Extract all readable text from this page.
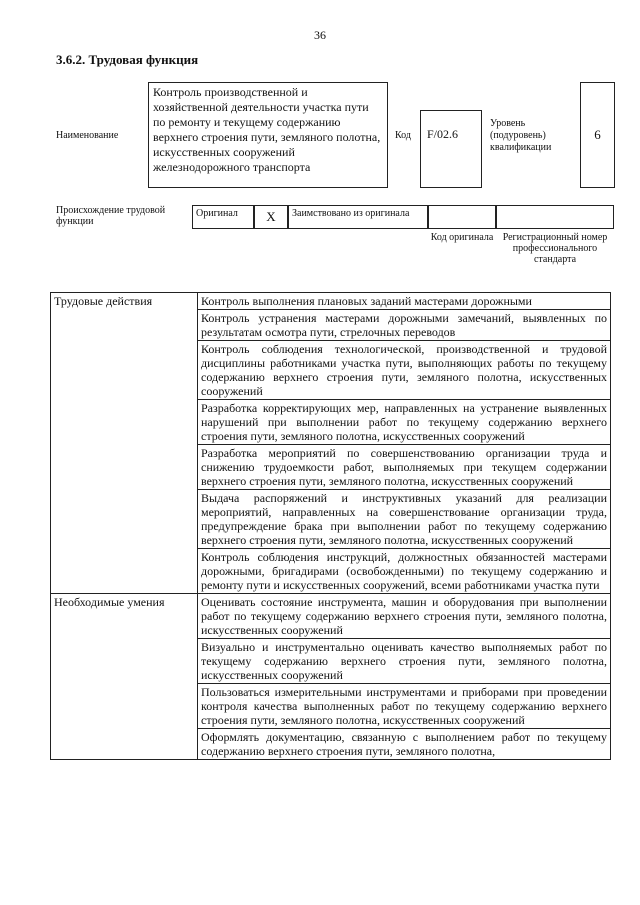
36
3.6.2. Трудовая функция
Наименование
Контроль производственной и хозяйственной деятельности участка пути по ремонту и текущему содержанию верхнего строения пути, земляного полотна, искусственных сооружений железнодорожного транспорта
Код	F/02.6
Уровень (подуровень) квалификации
6
Происхождение трудовой функции
Оригинал	X	Заимствовано из оригинала
Код оригинала Регистрационный номер профессионального стандарта
Трудовые действия	Контроль выполнения плановых заданий мастерами дорожными
	Контроль устранения мастерами дорожными замечаний, выявленных по результатам осмотра пути, стрелочных переводов
	Контроль соблюдения технологической, производственной и трудовой дисциплины работниками участка пути, выполняющих работы по текущему содержанию верхнего строения пути, земляного полотна, искусственных сооружений
	Разработка корректирующих мер, направленных на устранение выявленных нарушений при выполнении работ по текущему содержанию верхнего строения пути, земляного полотна, искусственных сооружений
	Разработка мероприятий по совершенствованию организации труда и снижению трудоемкости работ, выполняемых при текущем содержании верхнего строения пути, земляного полотна, искусственных сооружений
	Выдача распоряжений и инструктивных указаний для реализации мероприятий, направленных на совершенствование организации труда, предупреждение брака при выполнении работ по текущему содержанию верхнего строения пути, земляного полотна, искусственных сооружений
	Контроль соблюдения инструкций, должностных обязанностей мастерами дорожными, бригадирами (освобожденными) по текущему содержанию и ремонту пути и искусственных сооружений, всеми работниками участка пути
Необходимые умения	Оценивать состояние инструмента, машин и оборудования при выполнении работ по текущему содержанию верхнего строения пути, земляного полотна, искусственных сооружений
	Визуально и инструментально оценивать качество выполняемых работ по текущему содержанию верхнего строения пути, земляного полотна, искусственных сооружений
	Пользоваться измерительными инструментами и приборами при проведении контроля качества выполненных работ по текущему содержанию верхнего строения пути, земляного полотна, искусственных сооружений
	Оформлять документацию, связанную с выполнением работ по текущему содержанию верхнего строения пути, земляного полотна,
